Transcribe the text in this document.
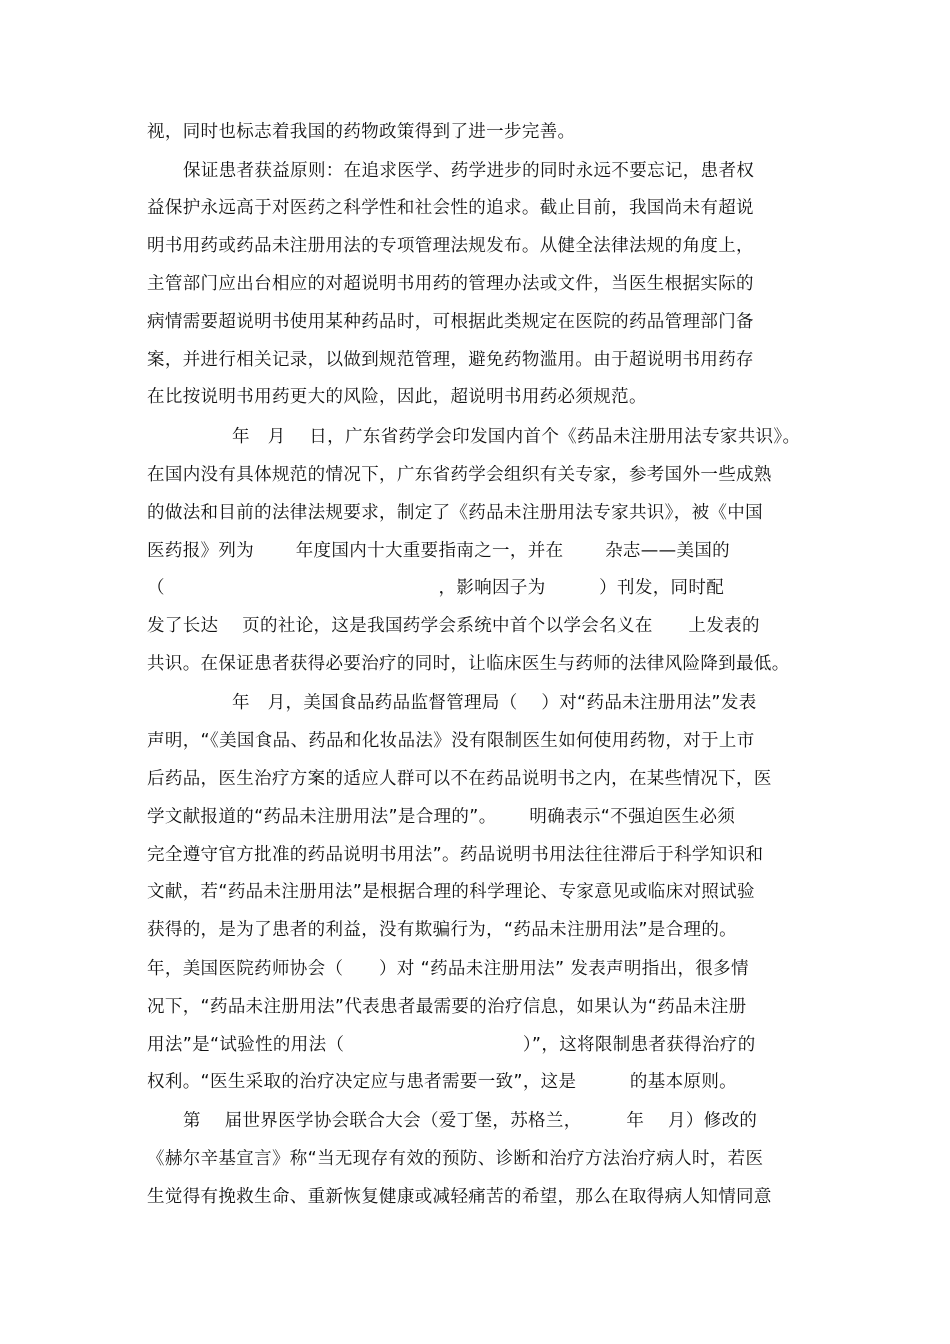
视，同时也标志着我国的药物政策得到了进一步完善。
保证患者获益原则：在追求医学、药学进步的同时永远不要忘记，患者权
益保护永远高于对医药之科学性和社会性的追求。截止目前，我国尚未有超说
明书用药或药品未注册用法的专项管理法规发布。从健全法律法规的角度上，
主管部门应出台相应的对超说明书用药的管理办法或文件，当医生根据实际的
病情需要超说明书使用某种药品时，可根据此类规定在医院的药品管理部门备
案，并进行相关记录，以做到规范管理，避免药物滥用。由于超说明书用药存
在比按说明书用药更大的风险，因此，超说明书用药必须规范。
年　月　 日，广东省药学会印发国内首个《药品未注册用法专家共识》。
在国内没有具体规范的情况下，广东省药学会组织有关专家，参考国外一些成熟
的做法和目前的法律法规要求，制定了《药品未注册用法专家共识》，被《中国
医药报》列为　　 年度国内十大重要指南之一，并在　　 杂志——美国的
（　　　　　　　　　　　　　　　 ，影响因子为　　　）刊发，同时配
发了长达　 页的社论，这是我国药学会系统中首个以学会名义在　　上发表的
共识。在保证患者获得必要治疗的同时，让临床医生与药师的法律风险降到最低。
年　月，美国食品药品监督管理局（　 ）对“药品未注册用法”发表
声明，“《美国食品、药品和化妆品法》没有限制医生如何使用药物，对于上市
后药品，医生治疗方案的适应人群可以不在药品说明书之内，在某些情况下，医
学文献报道的“药品未注册用法”是合理的”。　　 明确表示“不强迫医生必须
完全遵守官方批准的药品说明书用法”。药品说明书用法往往滞后于科学知识和
文献，若“药品未注册用法”是根据合理的科学理论、专家意见或临床对照试验
获得的，是为了患者的利益，没有欺骗行为，“药品未注册用法”是合理的。
年，美国医院药师协会（　　）对 “药品未注册用法” 发表声明指出，很多情
况下，“药品未注册用法”代表患者最需要的治疗信息，如果认为“药品未注册
用法”是“试验性的用法（　　　　　　　　　　）”，这将限制患者获得治疗的
权利。“医生采取的治疗决定应与患者需要一致”，这是　　　的基本原则。
第　 届世界医学协会联合大会（爱丁堡，苏格兰，　　　年　 月）修改的
《赫尔辛基宣言》称“当无现存有效的预防、诊断和治疗方法治疗病人时，若医
生觉得有挽救生命、重新恢复健康或减轻痛苦的希望，那么在取得病人知情同意
